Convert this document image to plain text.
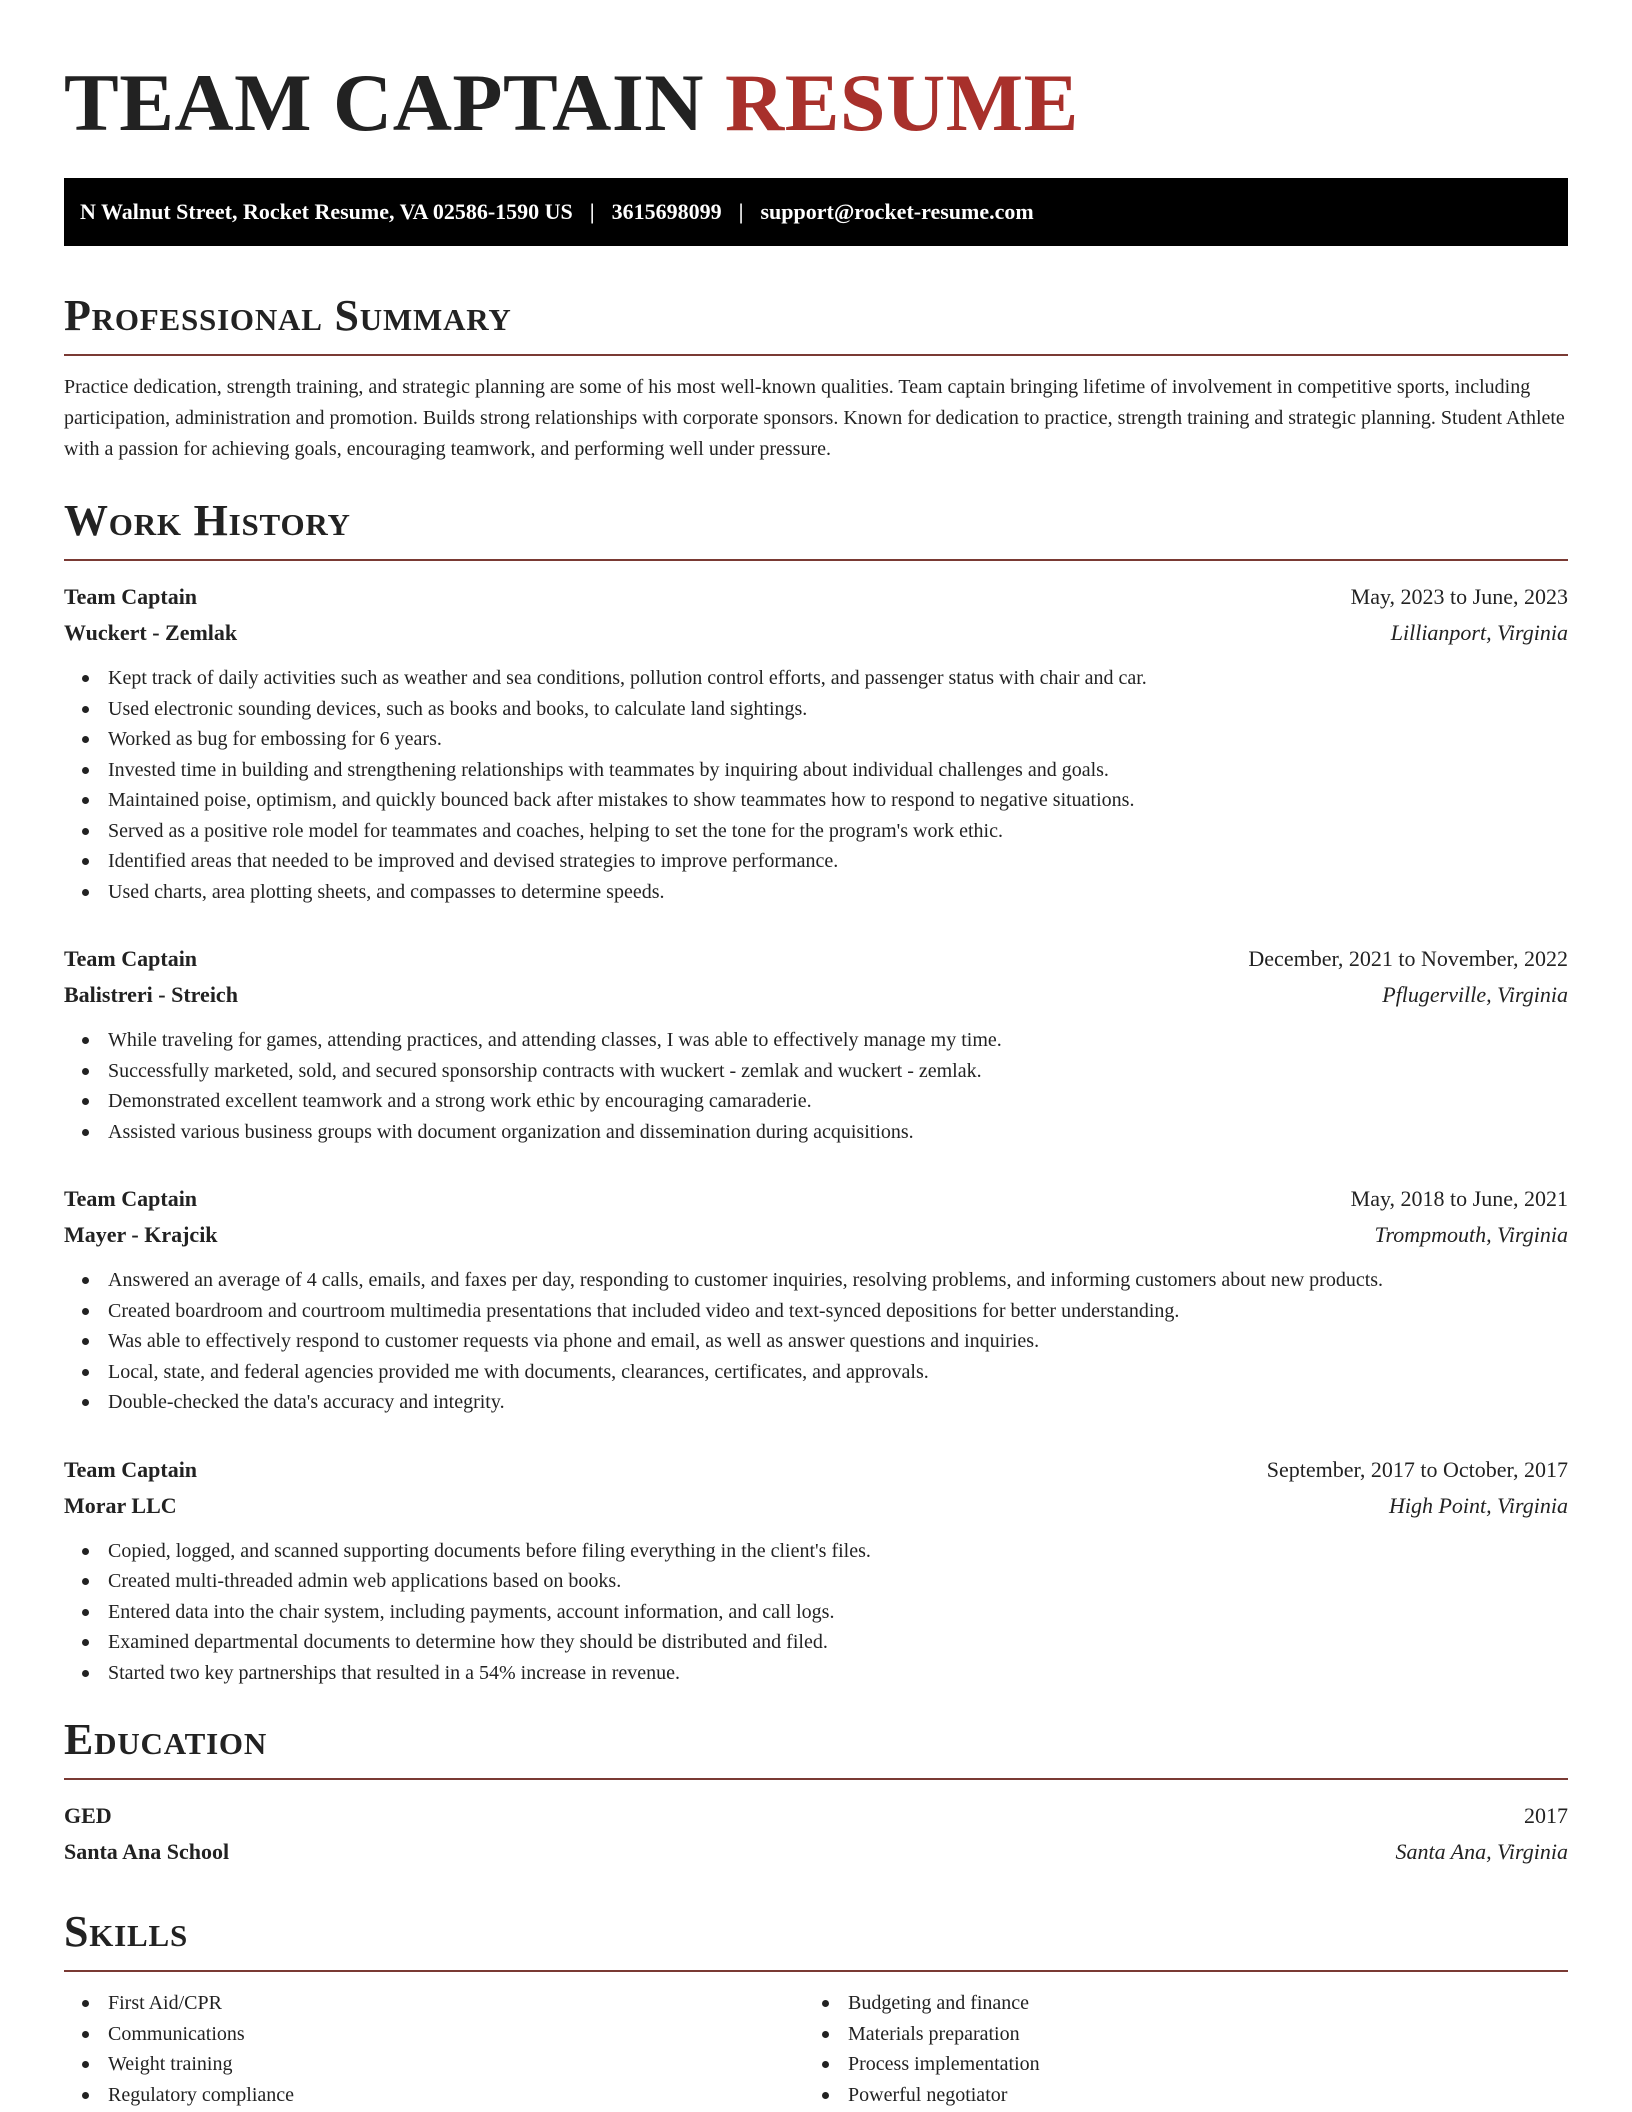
TEAM CAPTAIN RESUME
N Walnut Street, Rocket Resume, VA 02586-1590 US | 3615698099 | support@rocket-resume.com
Professional Summary

Practice dedication, strength training, and strategic planning are some of his most well-known qualities. Team captain bringing lifetime of involvement in competitive sports, including participation, administration and promotion. Builds strong relationships with corporate sponsors. Known for dedication to practice, strength training and strategic planning. Student Athlete with a passion for achieving goals, encouraging teamwork, and performing well under pressure.

Work History
Team Captain	May, 2023 to June, 2023
Wuckert - Zemlak	Lillianport, Virginia
Kept track of daily activities such as weather and sea conditions, pollution control efforts, and passenger status with chair and car.
Used electronic sounding devices, such as books and books, to calculate land sightings.
Worked as bug for embossing for 6 years.
Invested time in building and strengthening relationships with teammates by inquiring about individual challenges and goals.
Maintained poise, optimism, and quickly bounced back after mistakes to show teammates how to respond to negative situations.
Served as a positive role model for teammates and coaches, helping to set the tone for the program's work ethic.
Identified areas that needed to be improved and devised strategies to improve performance.
Used charts, area plotting sheets, and compasses to determine speeds.
Team Captain	December, 2021 to November, 2022
Balistreri - Streich	Pflugerville, Virginia
While traveling for games, attending practices, and attending classes, I was able to effectively manage my time.
Successfully marketed, sold, and secured sponsorship contracts with wuckert - zemlak and wuckert - zemlak.
Demonstrated excellent teamwork and a strong work ethic by encouraging camaraderie.
Assisted various business groups with document organization and dissemination during acquisitions.
Team Captain	May, 2018 to June, 2021
Mayer - Krajcik	Trompmouth, Virginia
Answered an average of 4 calls, emails, and faxes per day, responding to customer inquiries, resolving problems, and informing customers about new products.
Created boardroom and courtroom multimedia presentations that included video and text-synced depositions for better understanding.
Was able to effectively respond to customer requests via phone and email, as well as answer questions and inquiries.
Local, state, and federal agencies provided me with documents, clearances, certificates, and approvals.
Double-checked the data's accuracy and integrity.
Team Captain	September, 2017 to October, 2017
Morar LLC	High Point, Virginia
Copied, logged, and scanned supporting documents before filing everything in the client's files.
Created multi-threaded admin web applications based on books.
Entered data into the chair system, including payments, account information, and call logs.
Examined departmental documents to determine how they should be distributed and filed.
Started two key partnerships that resulted in a 54% increase in revenue.
Education
GED	2017
Santa Ana School	Santa Ana, Virginia
Skills
First Aid/CPR
Communications
Weight training
Regulatory compliance
Budgeting and finance
Materials preparation
Process implementation
Powerful negotiator
